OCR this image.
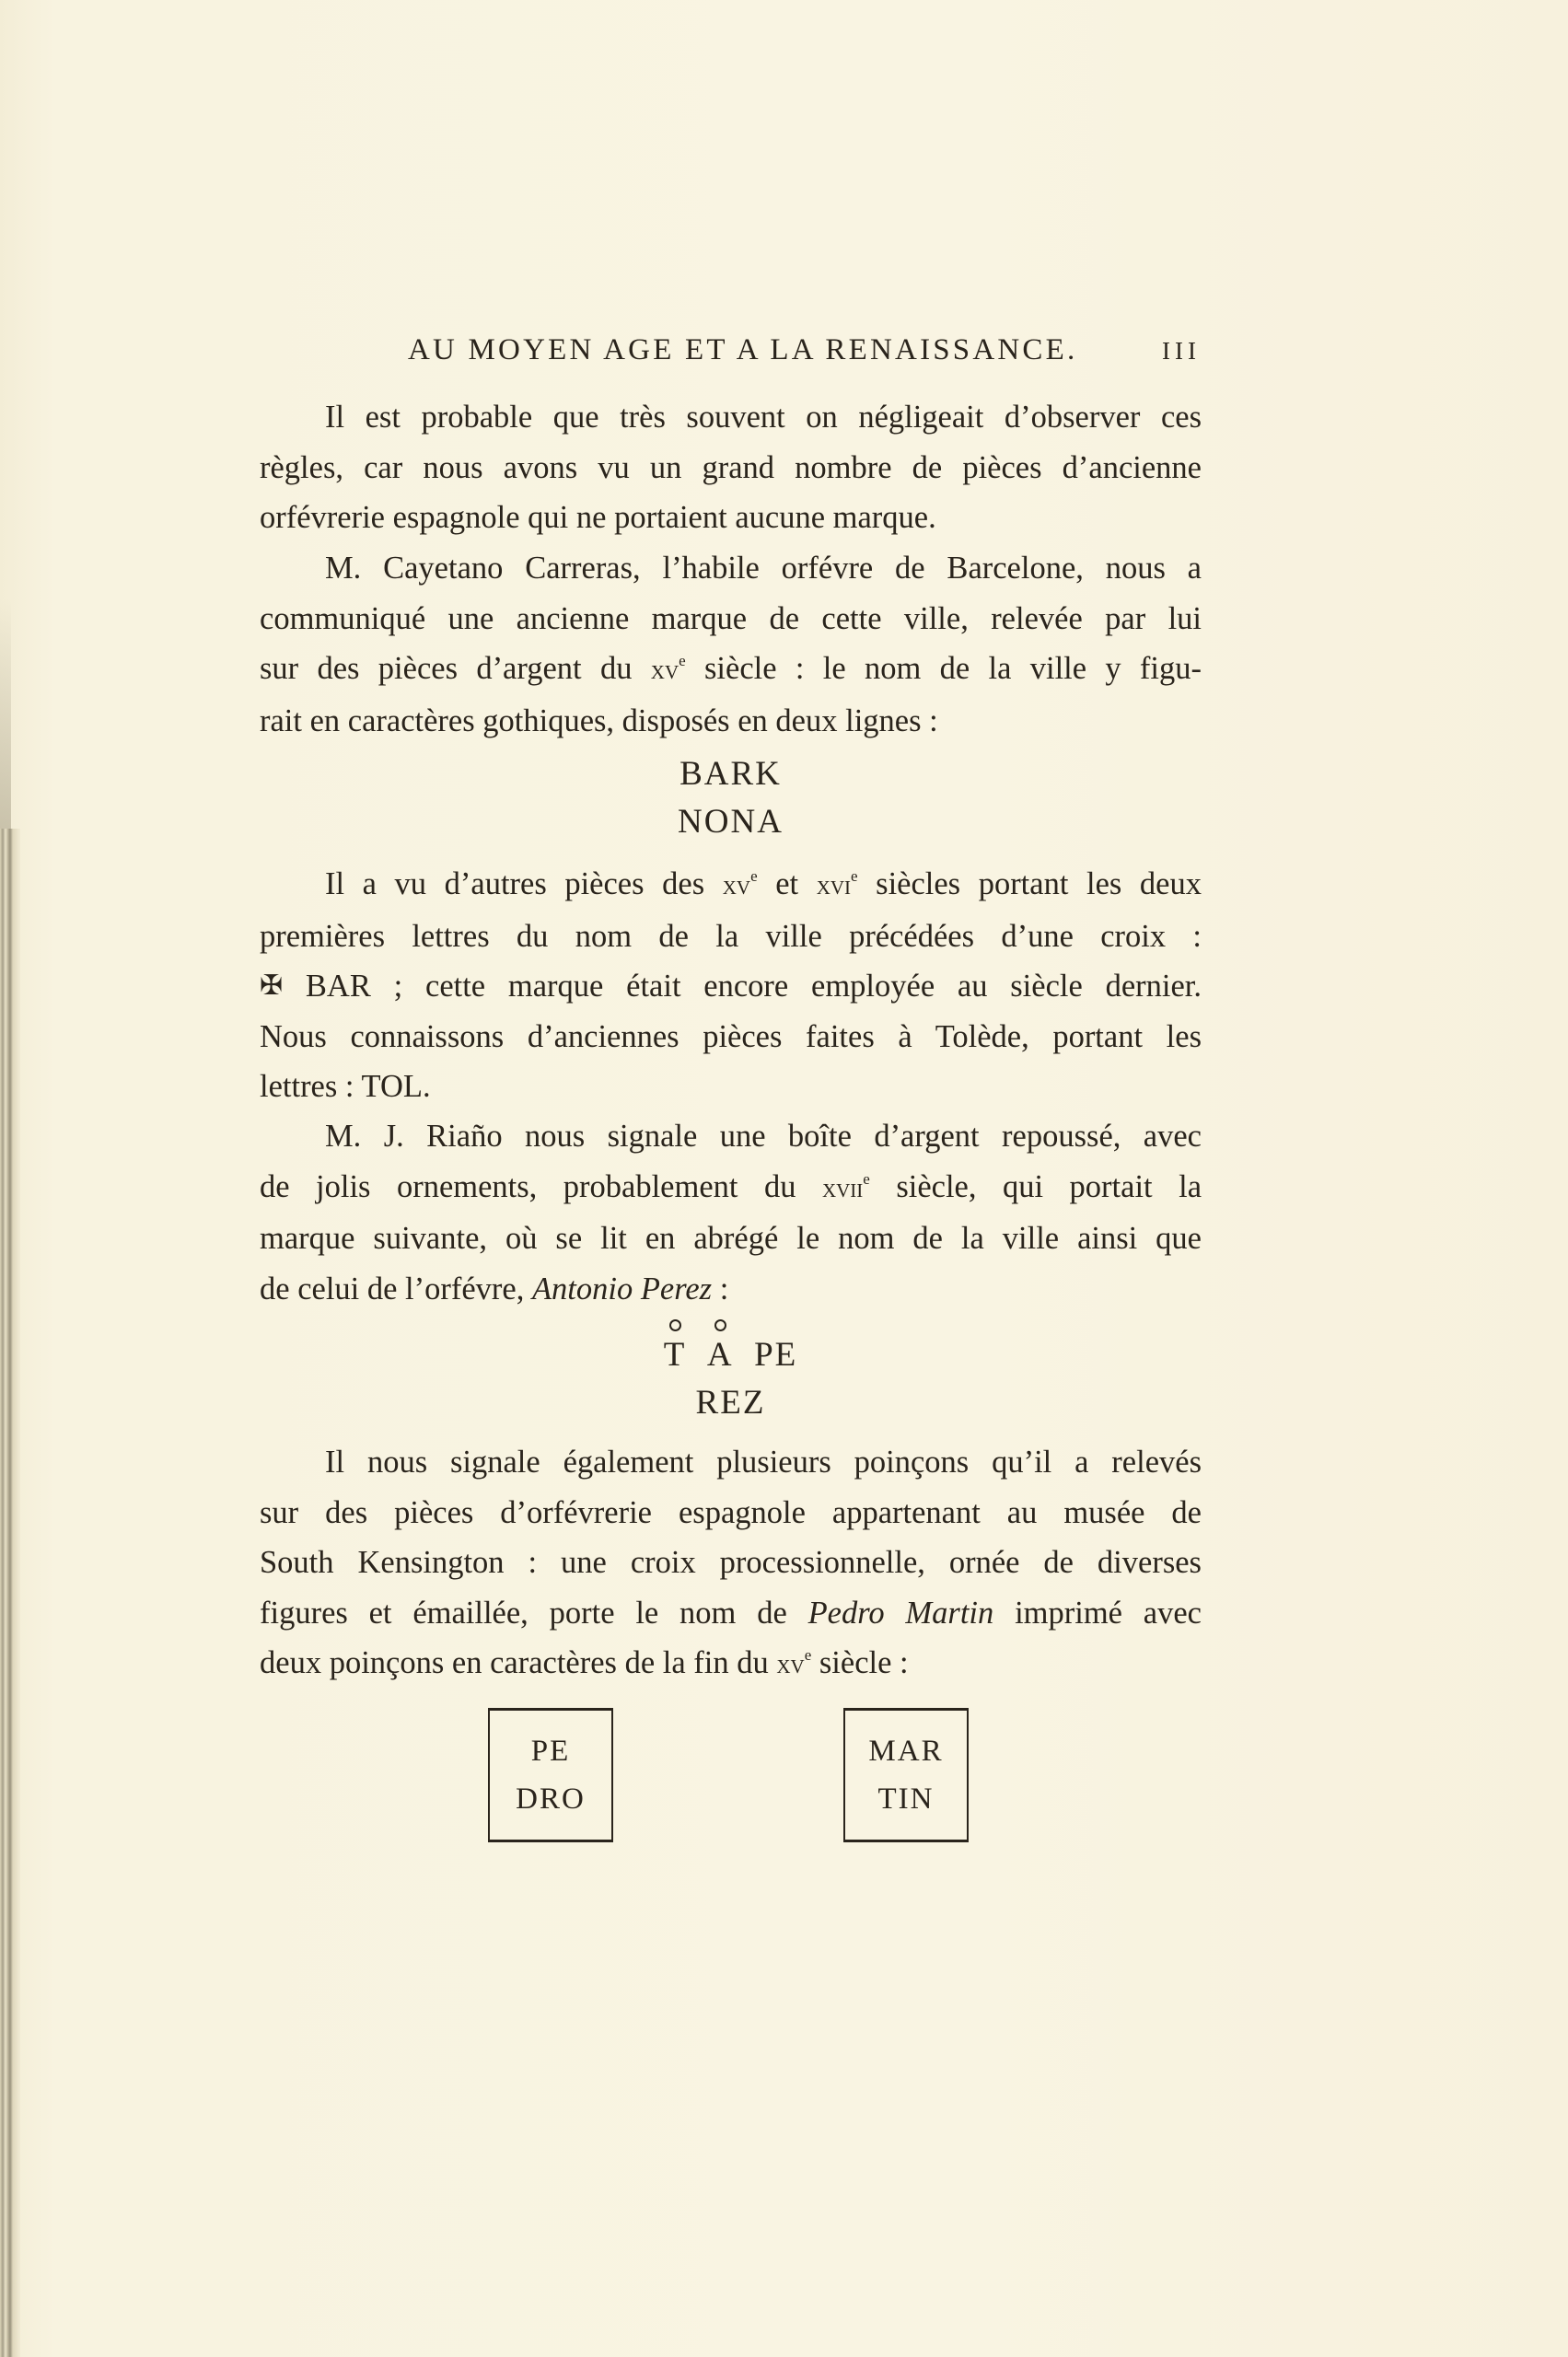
AU MOYEN AGE ET A LA RENAISSANCE.	III

Il est probable que très souvent on négligeait d’observer ces
règles, car nous avons vu un grand nombre de pièces d’ancienne
orfévrerie espagnole qui ne portaient aucune marque.

M. Cayetano Carreras, l’habile orfévre de Barcelone, nous a
communiqué une ancienne marque de cette ville, relevée par lui
sur des pièces d’argent du $xv^e$ siècle : le nom de la ville y figu-
rait en caractères gothiques, disposés en deux lignes :

BARK
NONA

Il a vu d’autres pièces des $xv^e$ et xvi$^e$ siècles portant les deux
premières lettres du nom de la ville précédées d’une croix :
✠ BAR ; cette marque était encore employée au siècle dernier.
Nous connaissons d’anciennes pièces faites à Tolède, portant les
lettres : TOL.

M. J. Riaño nous signale une boîte d’argent repoussé, avec
de jolis ornements, probablement du xvii$^e$ siècle, qui portait la
marque suivante, où se lit en abrégé le nom de la ville ainsi que
de celui de l’orfévre, Antonio Perez :

T A PE
REZ

Il nous signale également plusieurs poinçons qu’il a relevés
sur des pièces d’orfévrerie espagnole appartenant au musée de
South Kensington : une croix processionnelle, ornée de diverses
figures et émaillée, porte le nom de Pedro Martin imprimé avec
deux poinçons en caractères de la fin du $xv^e$ siècle :

PE
DRO
MAR
TIN
